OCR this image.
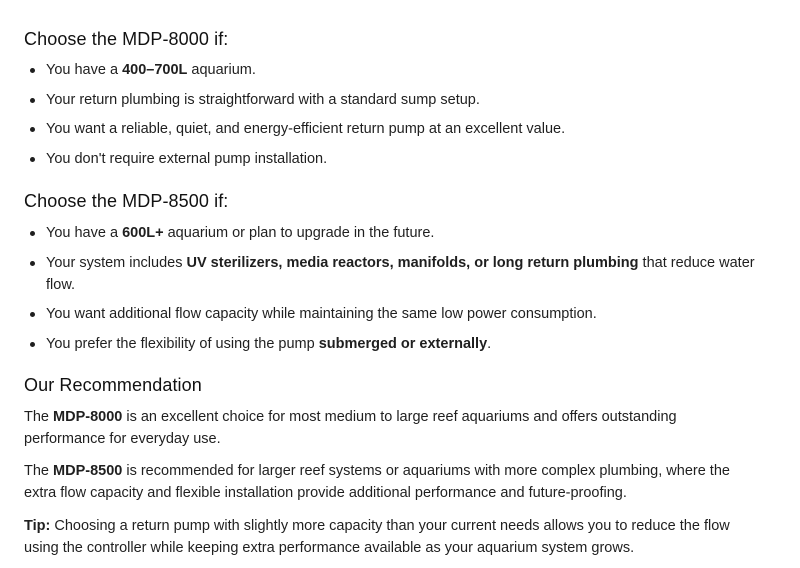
Choose the MDP-8000 if:
You have a 400–700L aquarium.
Your return plumbing is straightforward with a standard sump setup.
You want a reliable, quiet, and energy-efficient return pump at an excellent value.
You don't require external pump installation.
Choose the MDP-8500 if:
You have a 600L+ aquarium or plan to upgrade in the future.
Your system includes UV sterilizers, media reactors, manifolds, or long return plumbing that reduce water flow.
You want additional flow capacity while maintaining the same low power consumption.
You prefer the flexibility of using the pump submerged or externally.
Our Recommendation

The MDP-8000 is an excellent choice for most medium to large reef aquariums and offers outstanding performance for everyday use.

The MDP-8500 is recommended for larger reef systems or aquariums with more complex plumbing, where the extra flow capacity and flexible installation provide additional performance and future-proofing.

Tip: Choosing a return pump with slightly more capacity than your current needs allows you to reduce the flow using the controller while keeping extra performance available as your aquarium system grows.
